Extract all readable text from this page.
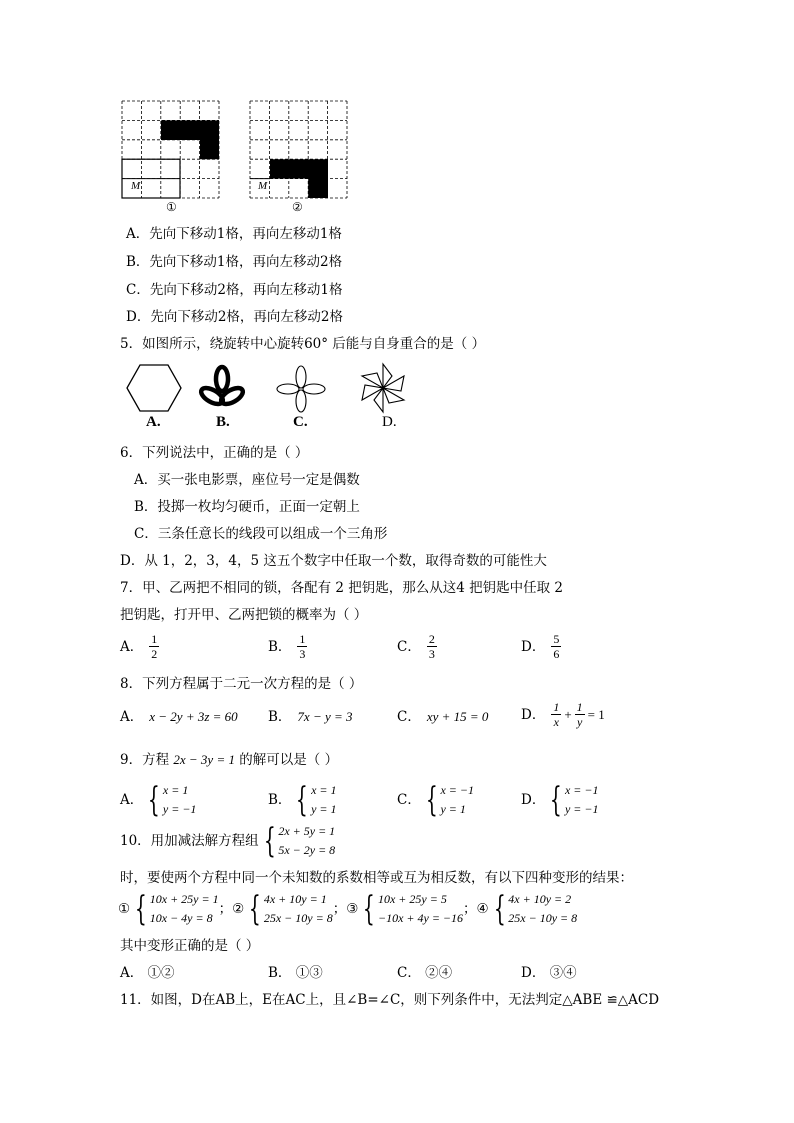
M
①
M
②
A．先向下移动1格，再向左移动1格
B．先向下移动1格，再向左移动2格
C．先向下移动2格，再向左移动1格
D．先向下移动2格，再向左移动2格
5．如图所示，绕旋转中心旋转60° 后能与自身重合的是（ ）
A.	B.	C.	D.
6．下列说法中，正确的是（ ）
A．买一张电影票，座位号一定是偶数
B．投掷一枚均匀硬币，正面一定朝上
C．三条任意长的线段可以组成一个三角形
D．从 1，2，3，4，5 这五个数字中任取一个数，取得奇数的可能性大
7．甲、乙两把不相同的锁，各配有 2 把钥匙，那么从这4 把钥匙中任取 2
把钥匙，打开甲、乙两把锁的概率为（ ）
A． $\frac{1}{2}$	B． $\frac{1}{3}$	C． $\frac{2}{3}$	D． $\frac{5}{6}$
8．下列方程属于二元一次方程的是（ ）
A． x − 2y + 3z = 60 B． 7x − y = 3	C． xy + 15 = 0 D． $\frac{1}{x} + \frac{1}{y} = 1$
9．方程 2x − 3y = 1 的解可以是（ ）
A． { x = 1
y = −1
B． { x = 1
y = 1
C． { x = −1
y = 1
D． { x = −1
y = −1
10．用加减法解方程组 { 2x + 5y = 1
5x − 2y = 8
时，要使两个方程中同一个未知数的系数相等或互为相反数，有以下四种变形的结果：
① { 10x + 25y = 1
10x − 4y = 8
； ② { 4x + 10y = 1
25x − 10y = 8
； ③ { 10x + 25y = 5
−10x + 4y = −16
； ④ { 4x + 10y = 2
25x − 10y = 8
其中变形正确的是（ ）
A． ①②	B． ①③	C． ②④	D． ③④
11．如图，D在AB上，E在AC上，且∠B=∠C，则下列条件中，无法判定△ABE ≌△ACD
